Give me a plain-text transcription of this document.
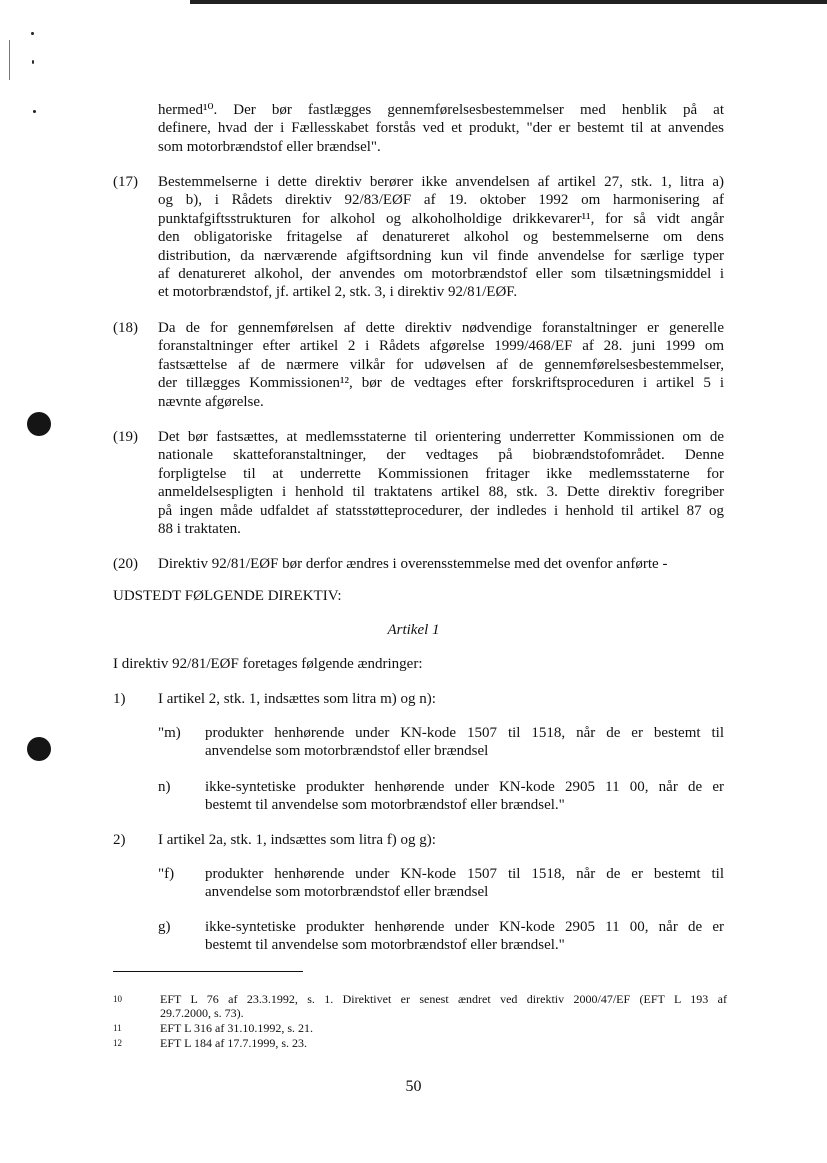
hermed¹⁰. Der bør fastlægges gennemførelsesbestemmelser med henblik på at
definere, hvad der i Fællesskabet forstås ved et produkt, "der er bestemt til at anvendes
som motorbrændstof eller brændsel".
(17) Bestemmelserne i dette direktiv berører ikke anvendelsen af artikel 27, stk. 1, litra a)
og b), i Rådets direktiv 92/83/EØF af 19. oktober 1992 om harmonisering af
punktafgiftsstrukturen for alkohol og alkoholholdige drikkevarer¹¹, for så vidt angår
den obligatoriske fritagelse af denatureret alkohol og bestemmelserne om dens
distribution, da nærværende afgiftsordning kun vil finde anvendelse for særlige typer
af denatureret alkohol, der anvendes om motorbrændstof eller som tilsætningsmiddel i
et motorbrændstof, jf. artikel 2, stk. 3, i direktiv 92/81/EØF.
(18) Da de for gennemførelsen af dette direktiv nødvendige foranstaltninger er generelle
foranstaltninger efter artikel 2 i Rådets afgørelse 1999/468/EF af 28. juni 1999 om
fastsættelse af de nærmere vilkår for udøvelsen af de gennemførelsesbestemmelser,
der tillægges Kommissionen¹², bør de vedtages efter forskriftsproceduren i artikel 5 i
nævnte afgørelse.
(19) Det bør fastsættes, at medlemsstaterne til orientering underretter Kommissionen om de
nationale skatteforanstaltninger, der vedtages på biobrændstofområdet. Denne
forpligtelse til at underrette Kommissionen fritager ikke medlemsstaterne for
anmeldelsespligten i henhold til traktatens artikel 88, stk. 3. Dette direktiv foregriber
på ingen måde udfaldet af statsstøtteprocedurer, der indledes i henhold til artikel 87 og
88 i traktaten.
(20) Direktiv 92/81/EØF bør derfor ændres i overensstemmelse med det ovenfor anførte -
UDSTEDT FØLGENDE DIREKTIV:
Artikel 1
I direktiv 92/81/EØF foretages følgende ændringer:
1) I artikel 2, stk. 1, indsættes som litra m) og n):
"m) produkter henhørende under KN-kode 1507 til 1518, når de er bestemt til
anvendelse som motorbrændstof eller brændsel
n) ikke-syntetiske produkter henhørende under KN-kode 2905 11 00, når de er
bestemt til anvendelse som motorbrændstof eller brændsel."
2) I artikel 2a, stk. 1, indsættes som litra f) og g):
"f) produkter henhørende under KN-kode 1507 til 1518, når de er bestemt til
anvendelse som motorbrændstof eller brændsel
g) ikke-syntetiske produkter henhørende under KN-kode 2905 11 00, når de er
bestemt til anvendelse som motorbrændstof eller brændsel."
10	EFT L 76 af 23.3.1992, s. 1. Direktivet er senest ændret ved direktiv 2000/47/EF (EFT L 193 af
29.7.2000, s. 73).
11	EFT L 316 af 31.10.1992, s. 21.
12	EFT L 184 af 17.7.1999, s. 23.
50
